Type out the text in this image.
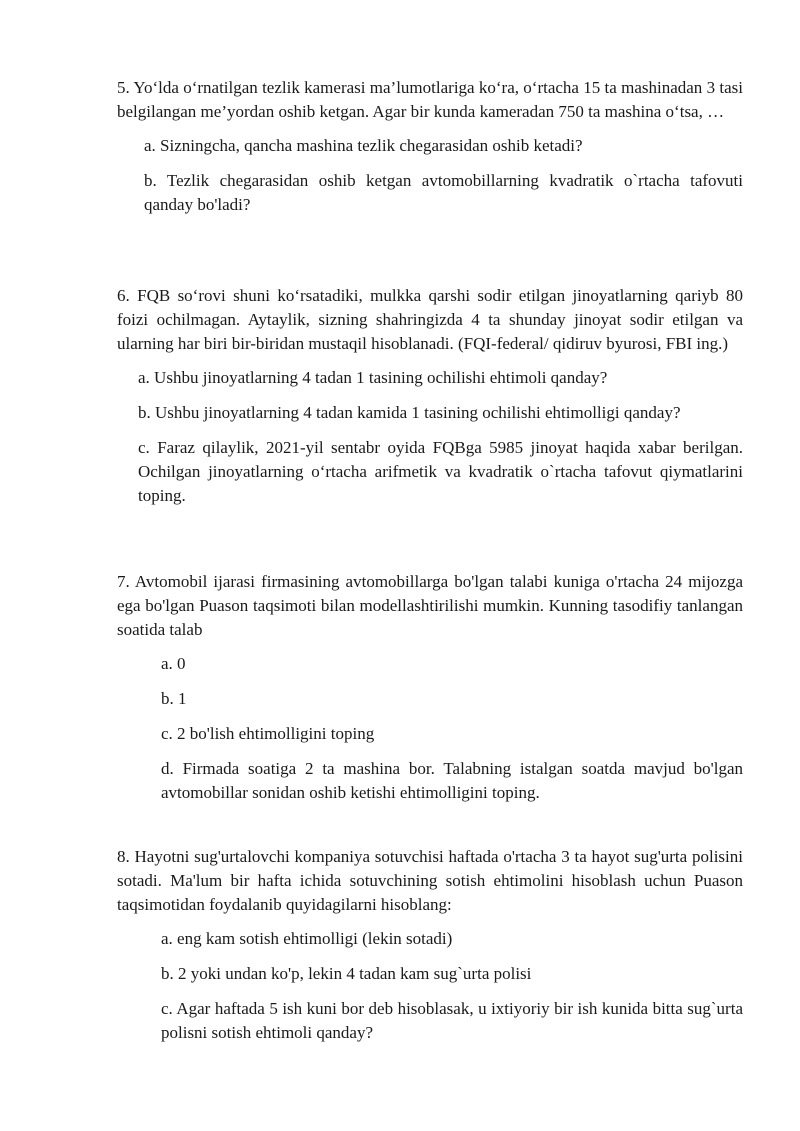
5. Yo‘lda o‘rnatilgan tezlik kamerasi ma’lumotlariga ko‘ra, o‘rtacha 15 ta mashinadan 3 tasi belgilangan me’yordan oshib ketgan. Agar bir kunda kameradan 750 ta mashina o‘tsa, …

a. Sizningcha, qancha mashina tezlik chegarasidan oshib ketadi?
b. Tezlik chegarasidan oshib ketgan avtomobillarning kvadratik o`rtacha tafovuti qanday bo'ladi?

6. FQB so‘rovi shuni ko‘rsatadiki, mulkka qarshi sodir etilgan jinoyatlarning qariyb 80 foizi ochilmagan. Aytaylik, sizning shahringizda 4 ta shunday jinoyat sodir etilgan va ularning har biri bir-biridan mustaqil hisoblanadi. (FQI-federal/ qidiruv byurosi, FBI ing.)

a. Ushbu jinoyatlarning 4 tadan 1 tasining ochilishi ehtimoli qanday?
b. Ushbu jinoyatlarning 4 tadan kamida 1 tasining ochilishi ehtimolligi qanday?
c. Faraz qilaylik, 2021-yil sentabr oyida FQBga 5985 jinoyat haqida xabar berilgan. Ochilgan jinoyatlarning o‘rtacha arifmetik va kvadratik o`rtacha tafovut qiymatlarini toping.

7. Avtomobil ijarasi firmasining avtomobillarga bo'lgan talabi kuniga o'rtacha 24 mijozga ega bo'lgan Puason taqsimoti bilan modellashtirilishi mumkin. Kunning tasodifiy tanlangan soatida talab

a. 0
b. 1
c. 2 bo'lish ehtimolligini toping
d. Firmada soatiga 2 ta mashina bor. Talabning istalgan soatda mavjud bo'lgan avtomobillar sonidan oshib ketishi ehtimolligini toping.

8. Hayotni sug'urtalovchi kompaniya sotuvchisi haftada o'rtacha 3 ta hayot sug'urta polisini sotadi. Ma'lum bir hafta ichida sotuvchining sotish ehtimolini hisoblash uchun Puason taqsimotidan foydalanib quyidagilarni hisoblang:

a. eng kam sotish ehtimolligi (lekin sotadi)
b. 2 yoki undan ko'p, lekin 4 tadan kam sug`urta polisi
c. Agar haftada 5 ish kuni bor deb hisoblasak, u ixtiyoriy bir ish kunida bitta sug`urta polisni sotish ehtimoli qanday?
